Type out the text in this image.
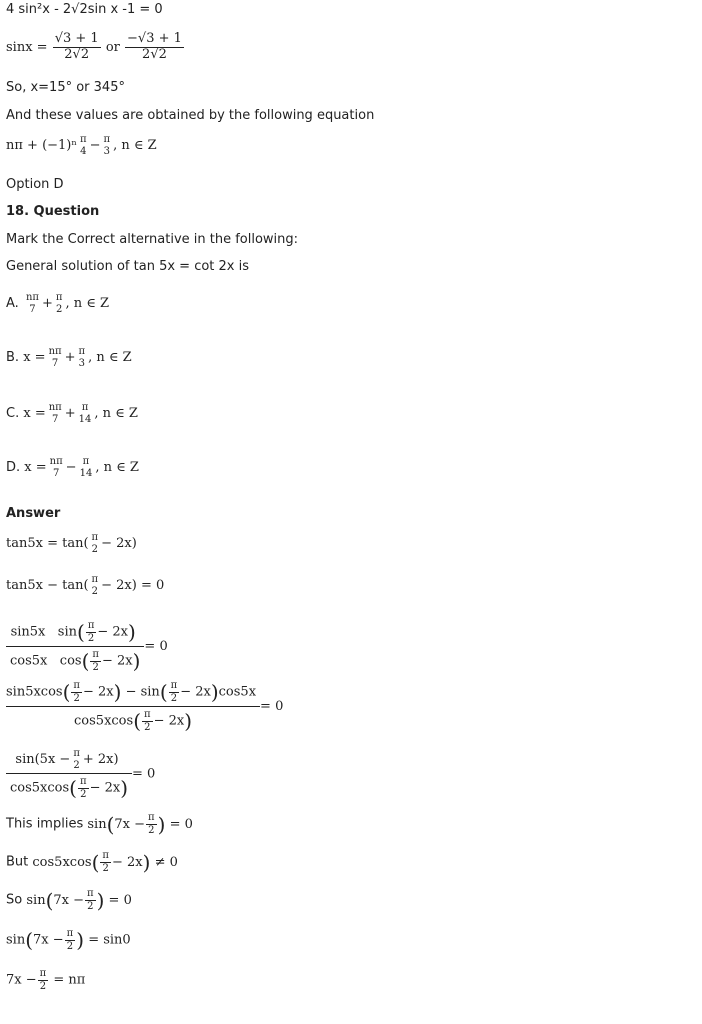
4 sin²x - 2√2sin x -1 = 0
$\sin x = \frac{√3 + 1}{2√2}$ or $\frac{-√3 + 1}{2√2}$
So, x=15° or 345°
And these values are obtained by the following equation
nπ + (−1)ⁿ π
4 − π
3 , n ∈ Z
Option D
18. Question
Mark the Correct alternative in the following:
General solution of tan 5x = cot 2x is
A. nπ
7 + π
2 , n ∈ Z
B. x = nπ
7 + π
3 , n ∈ Z
C. x = nπ
7 + π
14 , n ∈ Z
D. x = nπ
7 − π
14 , n ∈ Z
Answer
tan5x = tan( π
2 − 2x)
tan5x − tan( π
2 − 2x) = 0
$\frac{\sin 5x \sin( \frac{\pi}{2} - 2x)}{\cos 5x \cos( \frac{\pi}{2} - 2x)} = 0$
$\frac{\sin 5xcos( \frac{\pi}{2} - 2x) - \sin( \frac{\pi}{2} - 2x)\cos 5x}{\cos 5xcos( \frac{\pi}{2} - 2x)} = 0$
sin(5x − π
2 + 2x)
$\cos 5xcos( \frac{\pi}{2} - 2x) = 0$
This implies $\sin(7x - \frac{\pi}{2}$ ) = 0
But $\cos 5xcos( \frac{\pi}{2} - 2x) \ne 0$
So $\sin(7x - \frac{\pi}{2}$ ) = 0
$\sin(7x - \frac{\pi}{2}$ ) = sin0
$7x - \frac{\pi}{2} = n\pi$
